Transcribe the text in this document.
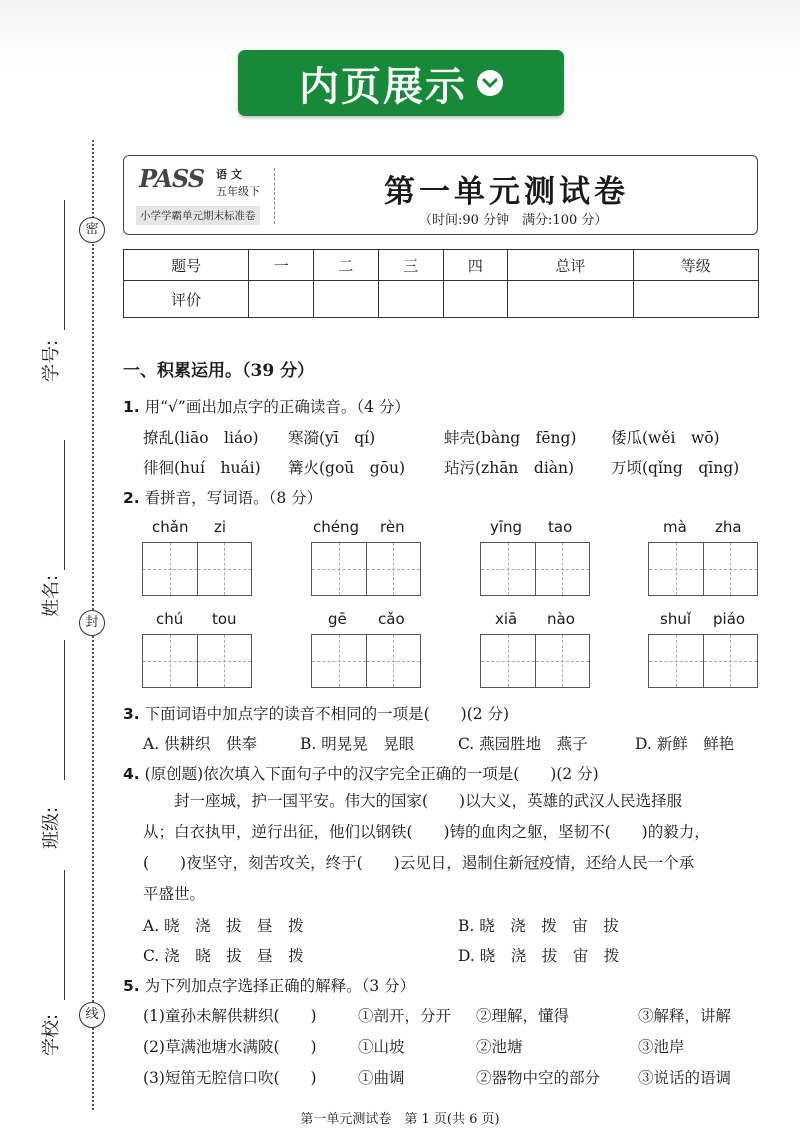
内页展示
密
封
线
学号:
姓名:
班级:
学校:
PASS 语 文
五年级下
小学学霸单元期末标准卷
第一单元测试卷
（时间:90 分钟　满分:100 分）
题号	一	二	三	四	总评	等级
评价						
一、积累运用。（39 分）
1. 用“√”画出加点字的正确读音。（4 分）
撩乱(liāo　liáo) 寒漪(yī　qí)	蚌壳(bàng　fēng) 倭瓜(wěi　wō)
徘徊(huí　huái) 篝火(goū　gōu)	玷污(zhān　diàn) 万顷(qǐng　qīng)
2. 看拼音，写词语。（8 分）
chǎn zi	chéng rèn	yīng tao	mà zha
chú tou	gē cǎo	xiā nào	shuǐ piáo
3. 下面词语中加点字的读音不相同的一项是(　　)(2 分)
A. 供耕织　供奉	B. 明晃晃　晃眼	C. 燕园胜地　燕子	D. 新鲜　鲜艳
4. (原创题)依次填入下面句子中的汉字完全正确的一项是(　　)(2 分)
　　封一座城，护一国平安。伟大的国家(　　)以大义，英雄的武汉人民选择服
从；白衣执甲，逆行出征，他们以钢铁(　　)铸的血肉之躯，坚韧不(　　)的毅力，
(　　)夜坚守，刻苦攻关，终于(　　)云见日，遏制住新冠疫情，还给人民一个承
平盛世。
A. 晓　浇　拔　昼　拨	B. 晓　浇　拨　宙　拔
C. 浇　晓　拔　昼　拨	D. 晓　浇　拔　宙　拨
5. 为下列加点字选择正确的解释。（3 分）
(1)童孙未解供耕织(　　)	①剖开，分开 ②理解，懂得	③解释，讲解
(2)草满池塘水满陂(　　)	①山坡	②池塘	③池岸
(3)短笛无腔信口吹(　　)	①曲调	②器物中空的部分 ③说话的语调
第一单元测试卷　第 1 页(共 6 页)
